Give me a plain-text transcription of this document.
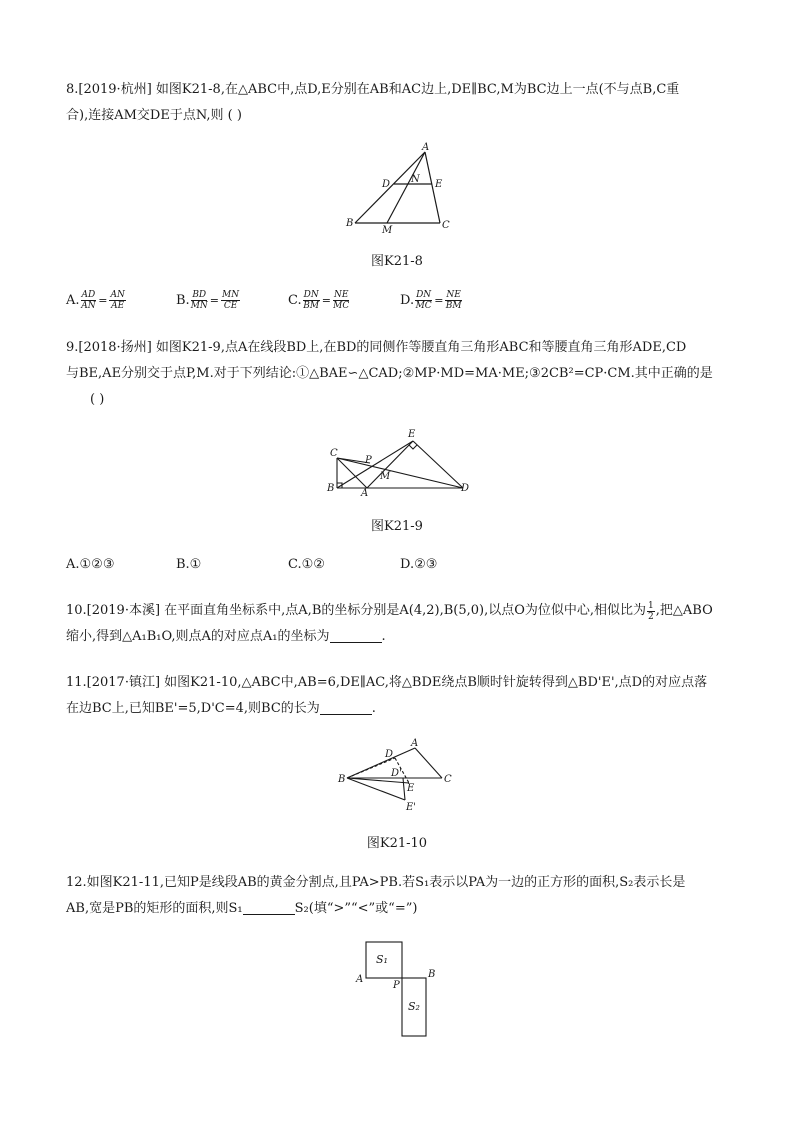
8.[2019·杭州] 如图K21-8,在△ABC中,点D,E分别在AB和AC边上,DE∥BC,M为BC边上一点(不与点B,C重

合),连接AM交DE于点N,则 ( )

A
D N E
B
M	C
图K21-8
A. $\frac{AD}{AN} = \frac{AN}{AE}$	B. $\frac{BD}{MN} = \frac{MN}{CE}$	C. $\frac{DN}{BM} = \frac{NE}{MC}$	D. $\frac{DN}{MC} = \frac{NE}{BM}$

9.[2018·扬州] 如图K21-9,点A在线段BD上,在BD的同侧作等腰直角三角形ABC和等腰直角三角形ADE,CD

与BE,AE分别交于点P,M.对于下列结论:①△BAE∽△CAD;②MP·MD=MA·ME;③2CB²=CP·CM.其中正确的是

( )

C
E
P
M
B	A	D
图K21-9
A.①②③	B.①	C.①②	D.②③

10.[2019·本溪] 在平面直角坐标系中,点A,B的坐标分别是A(4,2),B(5,0),以点O为位似中心,相似比为 $\frac{1}{2}$ ,把△ABO

缩小,得到△A₁B₁O,则点A的对应点A₁的坐标为	.

11.[2017·镇江] 如图K21-10,△ABC中,AB=6,DE∥AC,将△BDE绕点B顺时针旋转得到△BD'E',点D的对应点落

在边BC上,已知BE'=5,D'C=4,则BC的长为	.

D
A
B
D'
E
C
E'
图K21-10

12.如图K21-11,已知P是线段AB的黄金分割点,且PA>PB.若S₁表示以PA为一边的正方形的面积,S₂表示长是

AB,宽是PB的矩形的面积,则S₁	S₂(填“>”“<”或“=”)

S₁
A
P
B
S₂
